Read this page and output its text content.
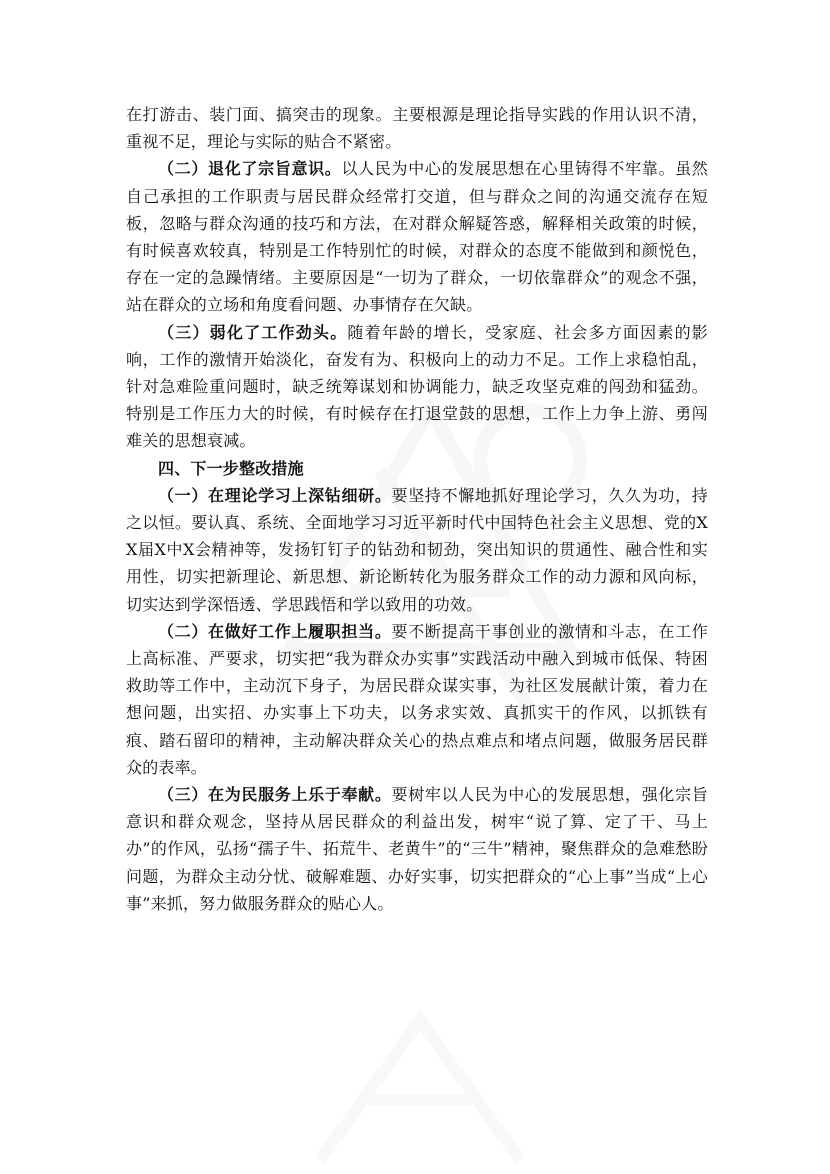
在打游击、装门面、搞突击的现象。主要根源是理论指导实践的作用认识不清，重视不足，理论与实际的贴合不紧密。

（二）退化了宗旨意识。以人民为中心的发展思想在心里铸得不牢靠。虽然自己承担的工作职责与居民群众经常打交道，但与群众之间的沟通交流存在短板，忽略与群众沟通的技巧和方法，在对群众解疑答惑，解释相关政策的时候，有时候喜欢较真，特别是工作特别忙的时候，对群众的态度不能做到和颜悦色，存在一定的急躁情绪。主要原因是“一切为了群众，一切依靠群众”的观念不强，站在群众的立场和角度看问题、办事情存在欠缺。

（三）弱化了工作劲头。随着年龄的增长，受家庭、社会多方面因素的影响，工作的激情开始淡化，奋发有为、积极向上的动力不足。工作上求稳怕乱，针对急难险重问题时，缺乏统筹谋划和协调能力，缺乏攻坚克难的闯劲和猛劲。特别是工作压力大的时候，有时候存在打退堂鼓的思想，工作上力争上游、勇闯难关的思想衰减。

四、下一步整改措施

（一）在理论学习上深钻细研。要坚持不懈地抓好理论学习，久久为功，持之以恒。要认真、系统、全面地学习习近平新时代中国特色社会主义思想、党的XX届X中X会精神等，发扬钉钉子的钻劲和韧劲，突出知识的贯通性、融合性和实用性，切实把新理论、新思想、新论断转化为服务群众工作的动力源和风向标，切实达到学深悟透、学思践悟和学以致用的功效。

（二）在做好工作上履职担当。要不断提高干事创业的激情和斗志，在工作上高标准、严要求，切实把“我为群众办实事”实践活动中融入到城市低保、特困救助等工作中，主动沉下身子，为居民群众谋实事，为社区发展献计策，着力在想问题，出实招、办实事上下功夫，以务求实效、真抓实干的作风，以抓铁有痕、踏石留印的精神，主动解决群众关心的热点难点和堵点问题，做服务居民群众的表率。

（三）在为民服务上乐于奉献。要树牢以人民为中心的发展思想，强化宗旨意识和群众观念，坚持从居民群众的利益出发，树牢“说了算、定了干、马上办”的作风，弘扬“孺子牛、拓荒牛、老黄牛”的“三牛”精神，聚焦群众的急难愁盼问题，为群众主动分忧、破解难题、办好实事，切实把群众的“心上事”当成“上心事”来抓，努力做服务群众的贴心人。
